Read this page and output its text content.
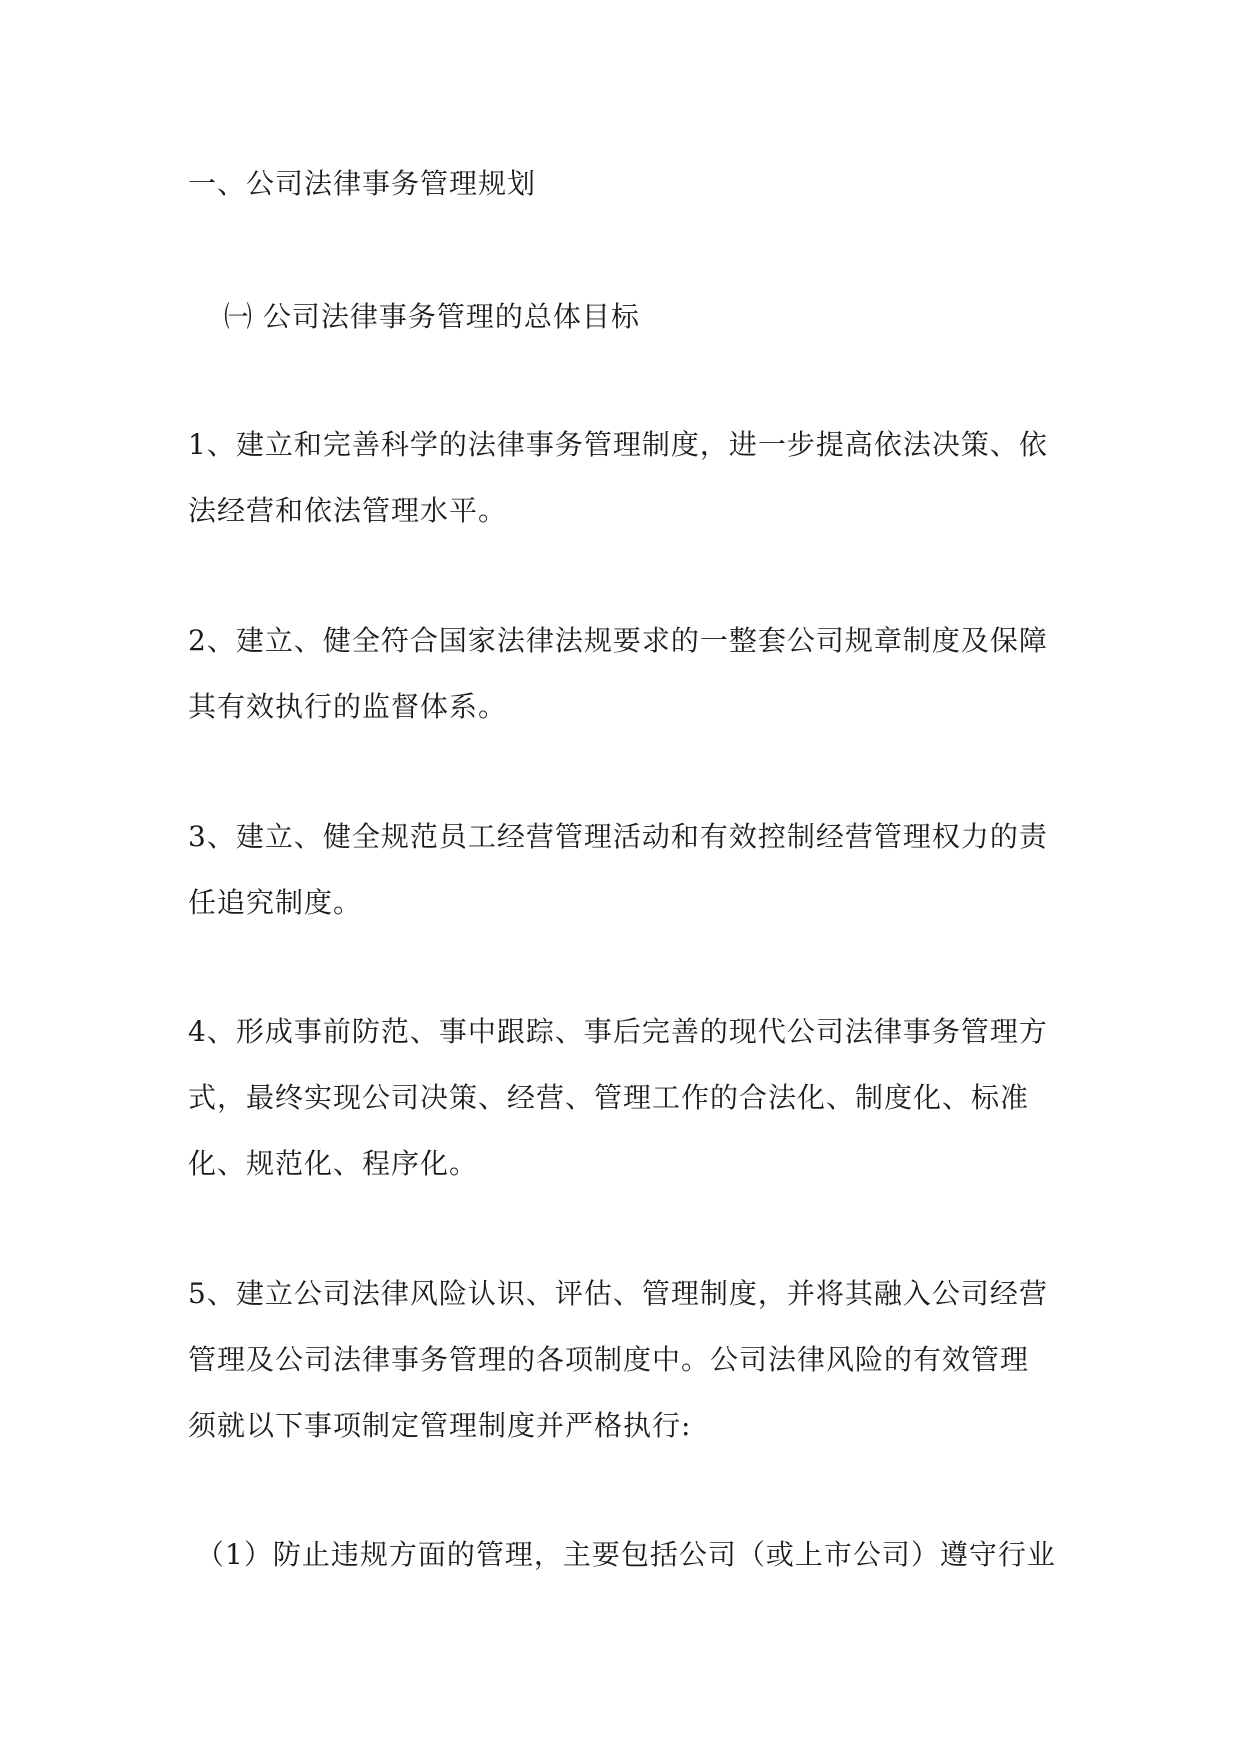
一、公司法律事务管理规划
㈠ 公司法律事务管理的总体目标
1、建立和完善科学的法律事务管理制度，进一步提高依法决策、依
法经营和依法管理水平。
2、建立、健全符合国家法律法规要求的一整套公司规章制度及保障
其有效执行的监督体系。
3、建立、健全规范员工经营管理活动和有效控制经营管理权力的责
任追究制度。
4、形成事前防范、事中跟踪、事后完善的现代公司法律事务管理方
式，最终实现公司决策、经营、管理工作的合法化、制度化、标准
化、规范化、程序化。
5、建立公司法律风险认识、评估、管理制度，并将其融入公司经营
管理及公司法律事务管理的各项制度中。公司法律风险的有效管理
须就以下事项制定管理制度并严格执行:
（1）防止违规方面的管理，主要包括公司（或上市公司）遵守行业
